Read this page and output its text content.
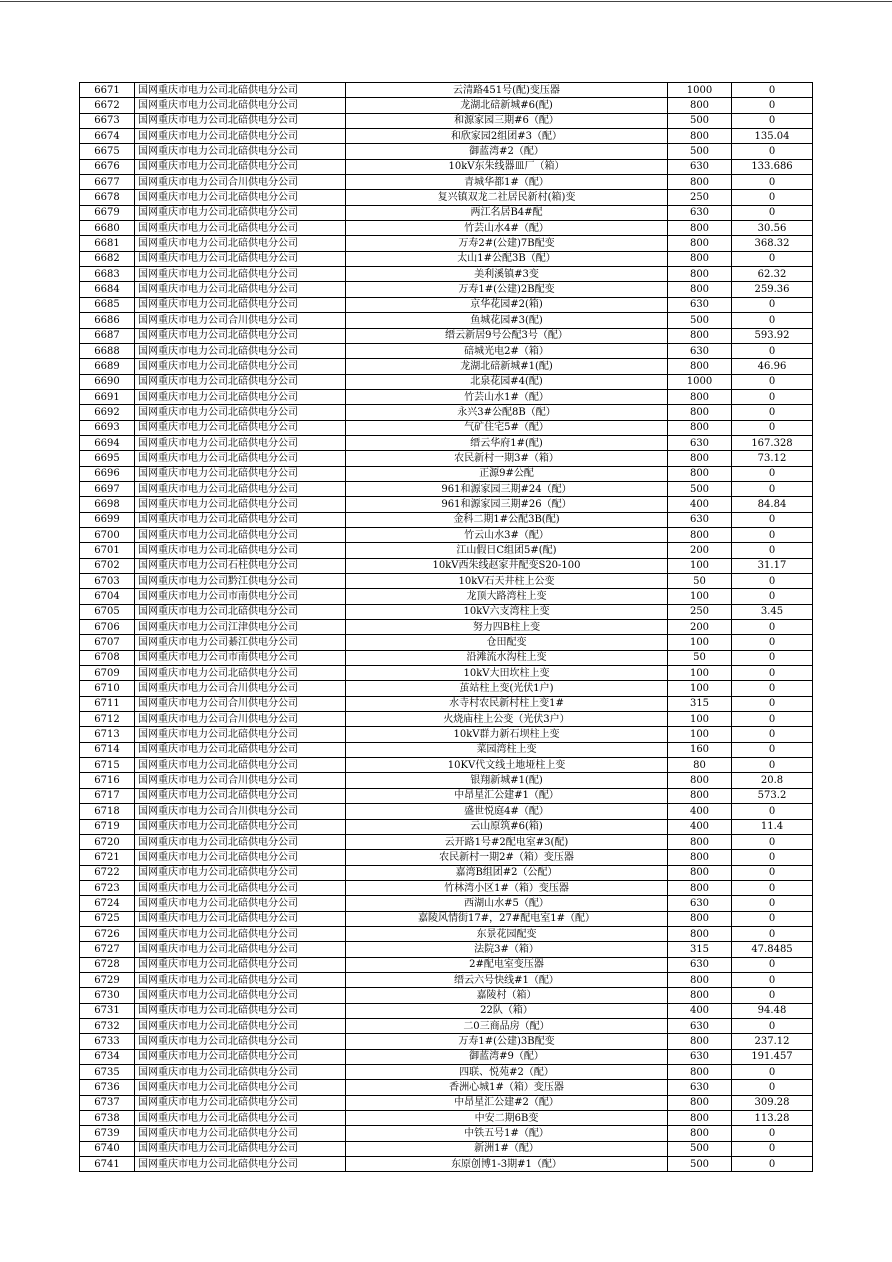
6671	国网重庆市电力公司北碚供电分公司	云清路451号(配)变压器	1000	0
6672	国网重庆市电力公司北碚供电分公司	龙湖北碚新城#6(配)	800	0
6673	国网重庆市电力公司北碚供电分公司	和源家园三期#6（配）	500	0
6674	国网重庆市电力公司北碚供电分公司	和欣家园2组团#3（配）	800	135.04
6675	国网重庆市电力公司北碚供电分公司	御蓝湾#2（配）	500	0
6676	国网重庆市电力公司北碚供电分公司	10kV东朱线器皿厂（箱）	630	133.686
6677	国网重庆市电力公司合川供电分公司	青城华都1#（配）	800	0
6678	国网重庆市电力公司北碚供电分公司	复兴镇双龙二社居民新村(箱)变	250	0
6679	国网重庆市电力公司北碚供电分公司	两江名居B4#配	630	0
6680	国网重庆市电力公司北碚供电分公司	竹芸山水4#（配）	800	30.56
6681	国网重庆市电力公司北碚供电分公司	万寿2#(公建)7B配变	800	368.32
6682	国网重庆市电力公司北碚供电分公司	太山1#公配3B（配）	800	0
6683	国网重庆市电力公司北碚供电分公司	美利溪镇#3变	800	62.32
6684	国网重庆市电力公司北碚供电分公司	万寿1#(公建)2B配变	800	259.36
6685	国网重庆市电力公司北碚供电分公司	京华花园#2(箱)	630	0
6686	国网重庆市电力公司合川供电分公司	鱼城花园#3(配)	500	0
6687	国网重庆市电力公司北碚供电分公司	缙云新居9号公配3号（配）	800	593.92
6688	国网重庆市电力公司北碚供电分公司	碚城光电2#（箱）	630	0
6689	国网重庆市电力公司北碚供电分公司	龙湖北碚新城#1(配)	800	46.96
6690	国网重庆市电力公司北碚供电分公司	北泉花园#4(配)	1000	0
6691	国网重庆市电力公司北碚供电分公司	竹芸山水1#（配）	800	0
6692	国网重庆市电力公司北碚供电分公司	永兴3#公配8B（配）	800	0
6693	国网重庆市电力公司北碚供电分公司	气矿住宅5#（配）	800	0
6694	国网重庆市电力公司北碚供电分公司	缙云华府1#(配)	630	167.328
6695	国网重庆市电力公司北碚供电分公司	农民新村一期3#（箱）	800	73.12
6696	国网重庆市电力公司北碚供电分公司	正源9#公配	800	0
6697	国网重庆市电力公司北碚供电分公司	961和源家园三期#24（配）	500	0
6698	国网重庆市电力公司北碚供电分公司	961和源家园三期#26（配）	400	84.84
6699	国网重庆市电力公司北碚供电分公司	金科二期1#公配3B(配)	630	0
6700	国网重庆市电力公司北碚供电分公司	竹云山水3#（配）	800	0
6701	国网重庆市电力公司北碚供电分公司	江山假日C组团5#(配)	200	0
6702	国网重庆市电力公司石柱供电分公司	10kV西朱线赵家井配变S20-100	100	31.17
6703	国网重庆市电力公司黔江供电分公司	10kV石天井柱上公变	50	0
6704	国网重庆市电力公司市南供电分公司	龙顶大路湾柱上变	100	0
6705	国网重庆市电力公司北碚供电分公司	10kV六支湾柱上变	250	3.45
6706	国网重庆市电力公司江津供电分公司	努力四B柱上变	200	0
6707	国网重庆市电力公司綦江供电分公司	仓田配变	100	0
6708	国网重庆市电力公司市南供电分公司	沿滩流水沟柱上变	50	0
6709	国网重庆市电力公司北碚供电分公司	10kV大田坎柱上变	100	0
6710	国网重庆市电力公司合川供电分公司	茧站柱上变(光伏1户)	100	0
6711	国网重庆市电力公司合川供电分公司	水寺村农民新村柱上变1#	315	0
6712	国网重庆市电力公司合川供电分公司	火烧庙柱上公变（光伏3户）	100	0
6713	国网重庆市电力公司北碚供电分公司	10kV群力新石坝柱上变	100	0
6714	国网重庆市电力公司北碚供电分公司	菜园湾柱上变	160	0
6715	国网重庆市电力公司北碚供电分公司	10KV代文线土地垭柱上变	80	0
6716	国网重庆市电力公司合川供电分公司	银翔新城#1(配)	800	20.8
6717	国网重庆市电力公司北碚供电分公司	中昂星汇公建#1（配）	800	573.2
6718	国网重庆市电力公司合川供电分公司	盛世悦庭4#（配）	400	0
6719	国网重庆市电力公司北碚供电分公司	云山原筑#6(箱)	400	11.4
6720	国网重庆市电力公司北碚供电分公司	云开路1号#2配电室#3(配)	800	0
6721	国网重庆市电力公司北碚供电分公司	农民新村一期2#（箱）变压器	800	0
6722	国网重庆市电力公司北碚供电分公司	嘉湾B组团#2（公配）	800	0
6723	国网重庆市电力公司北碚供电分公司	竹林湾小区1#（箱）变压器	800	0
6724	国网重庆市电力公司北碚供电分公司	西湖山水#5（配）	630	0
6725	国网重庆市电力公司北碚供电分公司	嘉陵风情街17#，27#配电室1#（配）	800	0
6726	国网重庆市电力公司北碚供电分公司	东景花园配变	800	0
6727	国网重庆市电力公司北碚供电分公司	法院3#（箱）	315	47.8485
6728	国网重庆市电力公司北碚供电分公司	2#配电室变压器	630	0
6729	国网重庆市电力公司北碚供电分公司	缙云六号快线#1（配）	800	0
6730	国网重庆市电力公司北碚供电分公司	嘉陵村（箱）	800	0
6731	国网重庆市电力公司北碚供电分公司	22队（箱）	400	94.48
6732	国网重庆市电力公司北碚供电分公司	二0三商品房（配）	630	0
6733	国网重庆市电力公司北碚供电分公司	万寿1#(公建)3B配变	800	237.12
6734	国网重庆市电力公司北碚供电分公司	御蓝湾#9（配）	630	191.457
6735	国网重庆市电力公司北碚供电分公司	四联、悦苑#2（配）	800	0
6736	国网重庆市电力公司北碚供电分公司	香洲心城1#（箱）变压器	630	0
6737	国网重庆市电力公司北碚供电分公司	中昂星汇公建#2（配）	800	309.28
6738	国网重庆市电力公司北碚供电分公司	中安二期6B变	800	113.28
6739	国网重庆市电力公司北碚供电分公司	中铁五号1#（配）	800	0
6740	国网重庆市电力公司北碚供电分公司	新洲1#（配）	500	0
6741	国网重庆市电力公司北碚供电分公司	东原创博1-3期#1（配）	500	0
